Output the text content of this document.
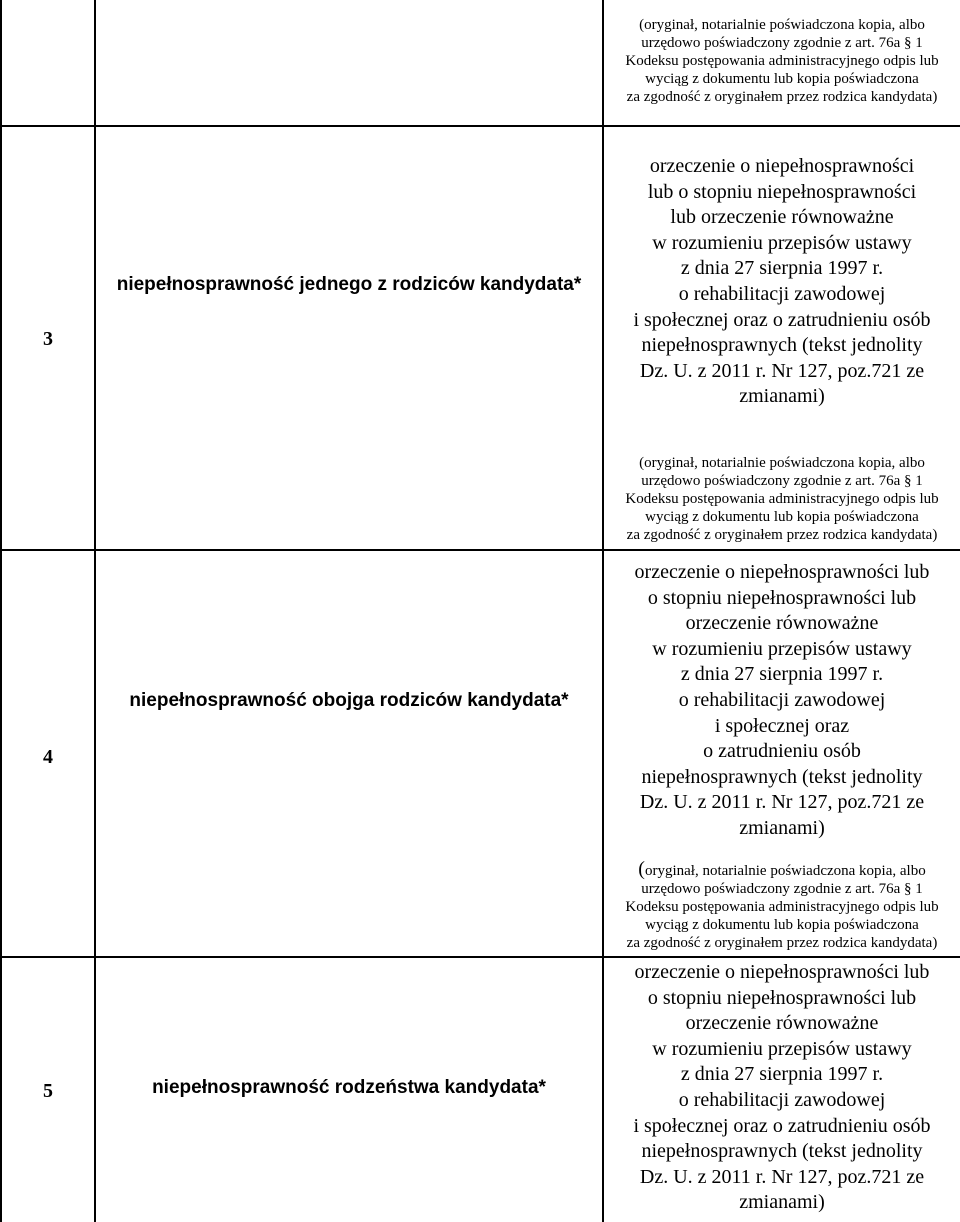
(oryginał, notarialnie poświadczona kopia, albo
urzędowo poświadczony zgodnie z art. 76a § 1
Kodeksu postępowania administracyjnego odpis lub
wyciąg z dokumentu lub kopia poświadczona
za zgodność z oryginałem przez rodzica kandydata)
3
niepełnosprawność jednego z rodziców kandydata*
orzeczenie o niepełnosprawności
lub o stopniu niepełnosprawności
lub orzeczenie równoważne
w rozumieniu przepisów ustawy
z dnia 27 sierpnia 1997 r.
o rehabilitacji zawodowej
i społecznej oraz o zatrudnieniu osób
niepełnosprawnych (tekst jednolity
Dz. U. z 2011 r. Nr 127, poz.721 ze
zmianami)
(oryginał, notarialnie poświadczona kopia, albo
urzędowo poświadczony zgodnie z art. 76a § 1
Kodeksu postępowania administracyjnego odpis lub
wyciąg z dokumentu lub kopia poświadczona
za zgodność z oryginałem przez rodzica kandydata)
4
niepełnosprawność obojga rodziców kandydata*
orzeczenie o niepełnosprawności lub
o stopniu niepełnosprawności lub
orzeczenie równoważne
w rozumieniu przepisów ustawy
z dnia 27 sierpnia 1997 r.
o rehabilitacji zawodowej
i społecznej oraz
o zatrudnieniu osób
niepełnosprawnych (tekst jednolity
Dz. U. z 2011 r. Nr 127, poz.721 ze
zmianami)
(oryginał, notarialnie poświadczona kopia, albo
urzędowo poświadczony zgodnie z art. 76a § 1
Kodeksu postępowania administracyjnego odpis lub
wyciąg z dokumentu lub kopia poświadczona
za zgodność z oryginałem przez rodzica kandydata)
5	niepełnosprawność rodzeństwa kandydata*
orzeczenie o niepełnosprawności lub
o stopniu niepełnosprawności lub
orzeczenie równoważne
w rozumieniu przepisów ustawy
z dnia 27 sierpnia 1997 r.
o rehabilitacji zawodowej
i społecznej oraz o zatrudnieniu osób
niepełnosprawnych (tekst jednolity
Dz. U. z 2011 r. Nr 127, poz.721 ze
zmianami)
